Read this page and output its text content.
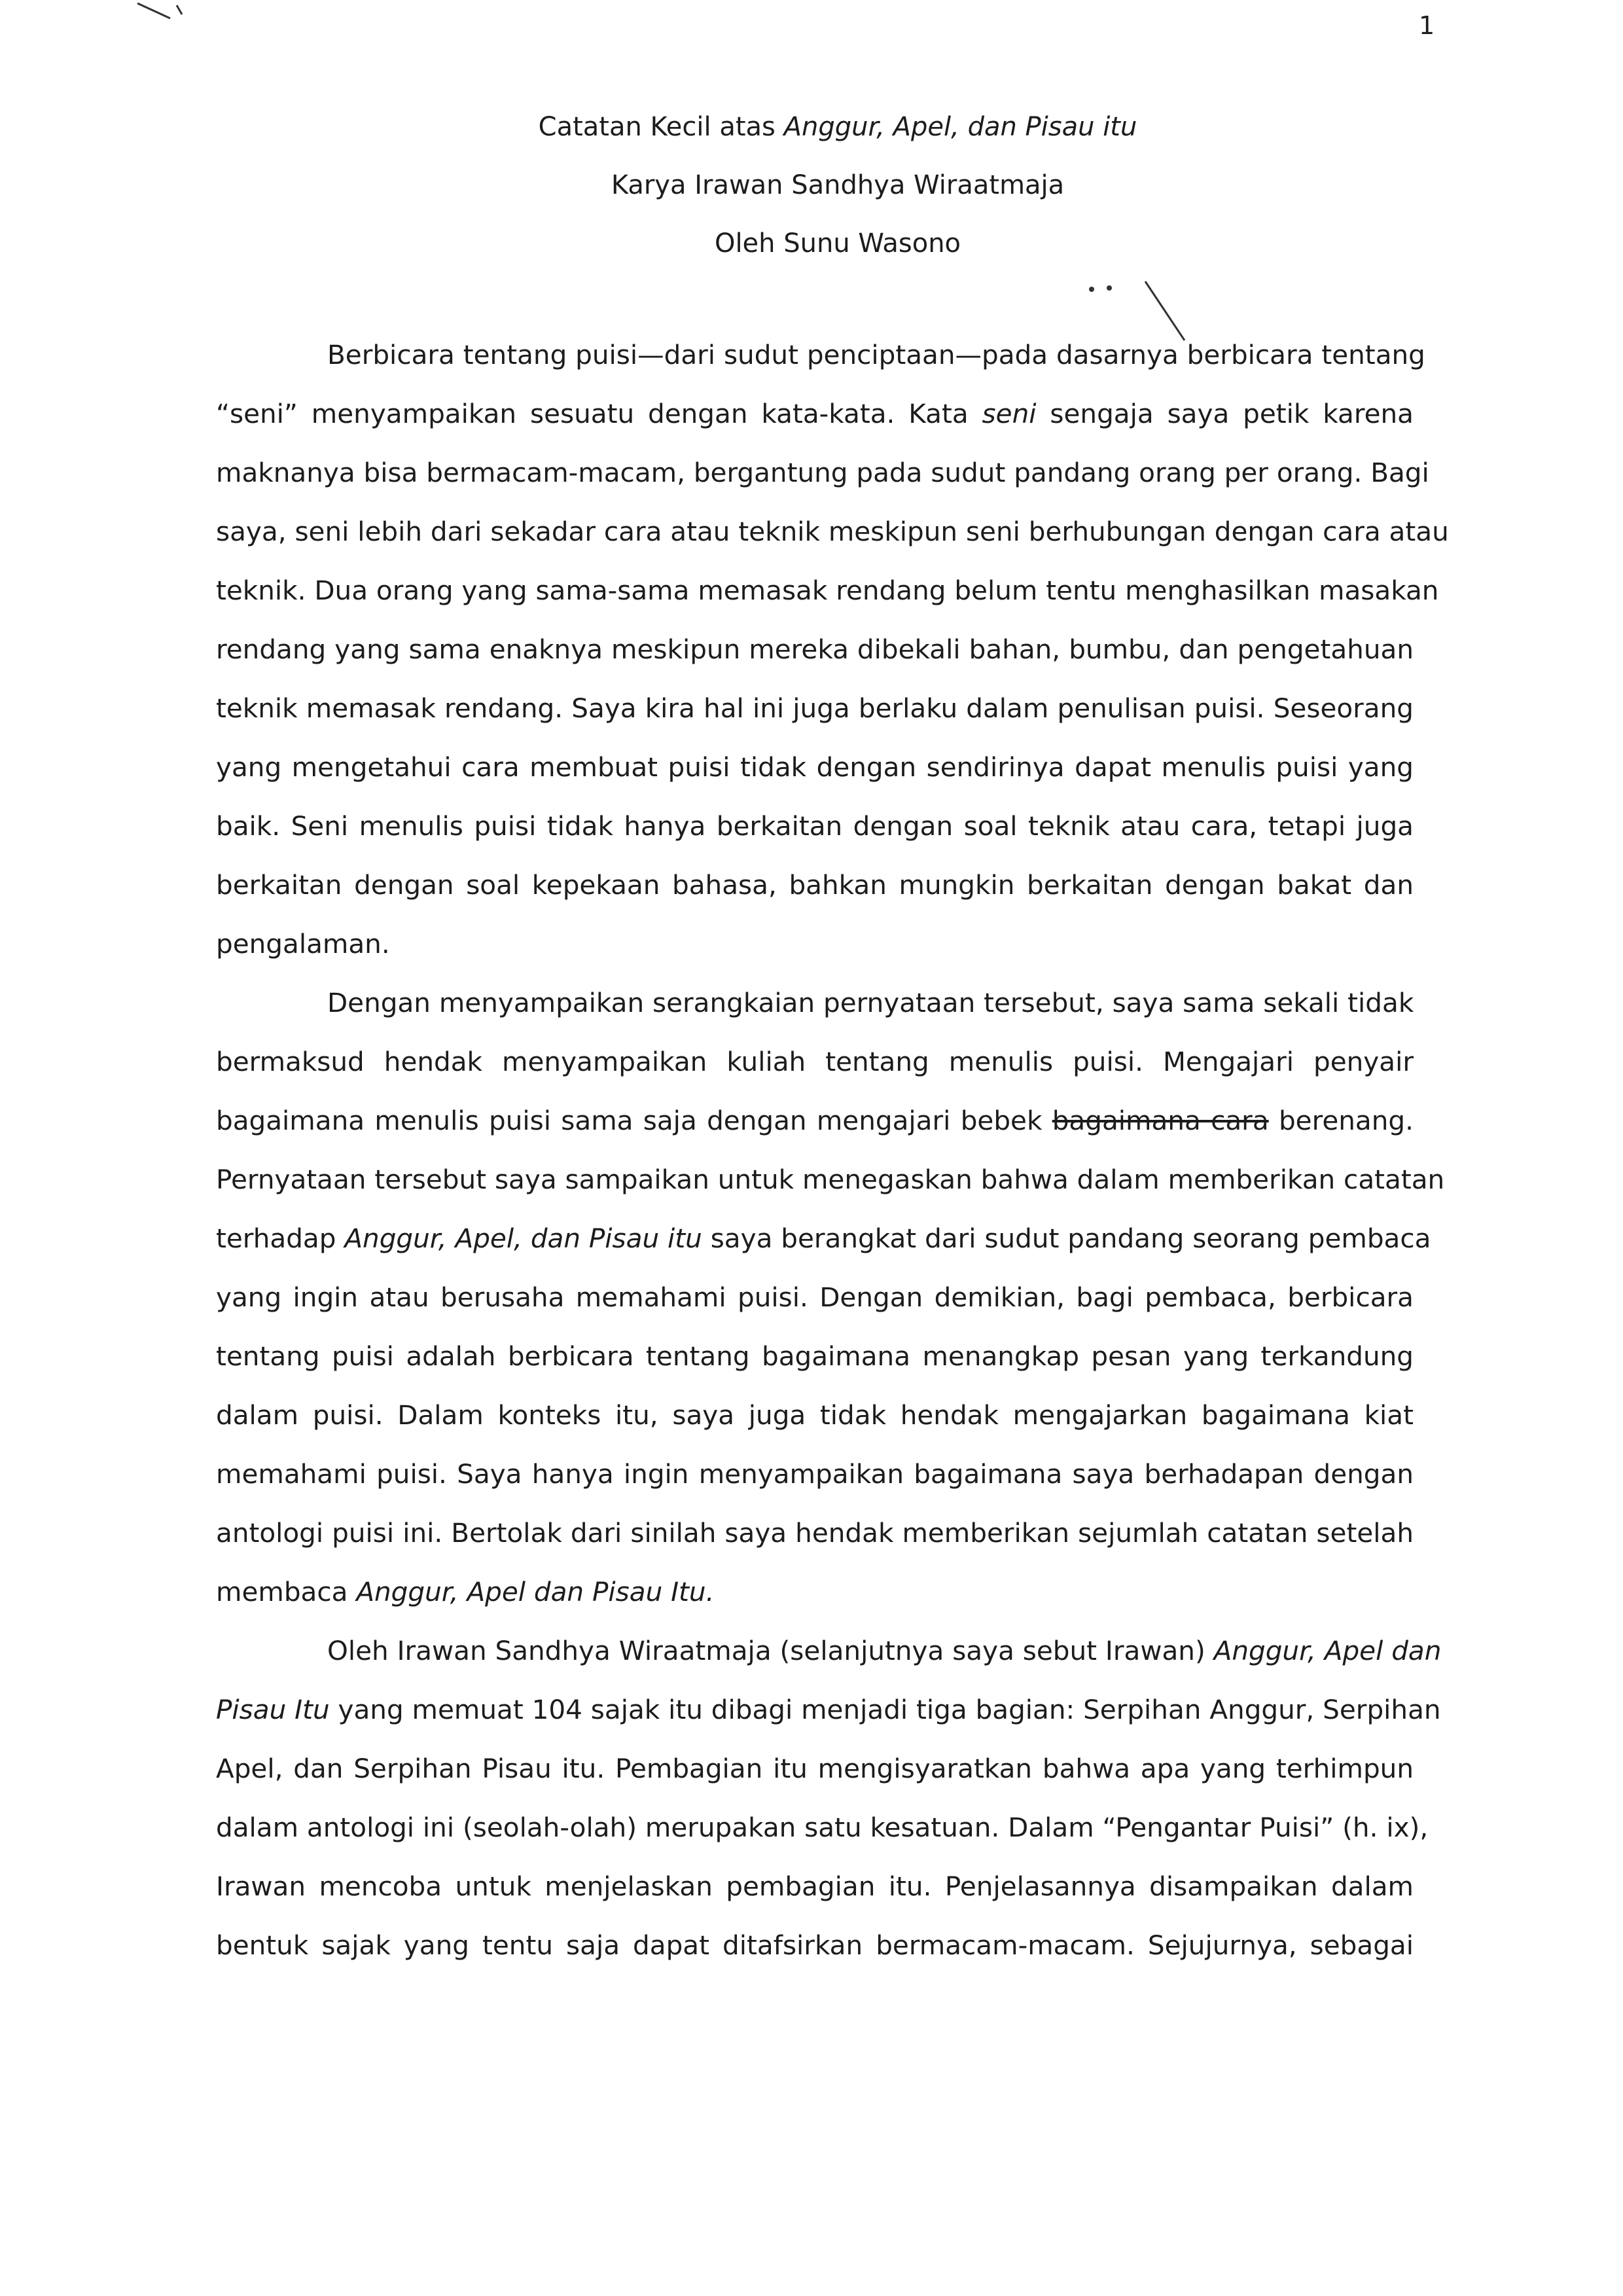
1

Catatan Kecil atas Anggur, Apel, dan Pisau itu

Karya Irawan Sandhya Wiraatmaja

Oleh Sunu Wasono

Berbicara tentang puisi—dari sudut penciptaan—pada dasarnya berbicara tentang
“seni” menyampaikan sesuatu dengan kata-kata. Kata seni sengaja saya petik karena
maknanya bisa bermacam-macam, bergantung pada sudut pandang orang per orang. Bagi
saya, seni lebih dari sekadar cara atau teknik meskipun seni berhubungan dengan cara atau
teknik. Dua orang yang sama-sama memasak rendang belum tentu menghasilkan masakan
rendang yang sama enaknya meskipun mereka dibekali bahan, bumbu, dan pengetahuan
teknik memasak rendang. Saya kira hal ini juga berlaku dalam penulisan puisi. Seseorang
yang mengetahui cara membuat puisi tidak dengan sendirinya dapat menulis puisi yang
baik. Seni menulis puisi tidak hanya berkaitan dengan soal teknik atau cara, tetapi juga
berkaitan dengan soal kepekaan bahasa, bahkan mungkin berkaitan dengan bakat dan
pengalaman.
Dengan menyampaikan serangkaian pernyataan tersebut, saya sama sekali tidak
bermaksud hendak menyampaikan kuliah tentang menulis puisi. Mengajari penyair
bagaimana menulis puisi sama saja dengan mengajari bebek bagaimana cara berenang.
Pernyataan tersebut saya sampaikan untuk menegaskan bahwa dalam memberikan catatan
terhadap Anggur, Apel, dan Pisau itu saya berangkat dari sudut pandang seorang pembaca
yang ingin atau berusaha memahami puisi. Dengan demikian, bagi pembaca, berbicara
tentang puisi adalah berbicara tentang bagaimana menangkap pesan yang terkandung
dalam puisi. Dalam konteks itu, saya juga tidak hendak mengajarkan bagaimana kiat
memahami puisi. Saya hanya ingin menyampaikan bagaimana saya berhadapan dengan
antologi puisi ini. Bertolak dari sinilah saya hendak memberikan sejumlah catatan setelah
membaca Anggur, Apel dan Pisau Itu.
Oleh Irawan Sandhya Wiraatmaja (selanjutnya saya sebut Irawan) Anggur, Apel dan
Pisau Itu yang memuat 104 sajak itu dibagi menjadi tiga bagian: Serpihan Anggur, Serpihan
Apel, dan Serpihan Pisau itu. Pembagian itu mengisyaratkan bahwa apa yang terhimpun
dalam antologi ini (seolah-olah) merupakan satu kesatuan. Dalam “Pengantar Puisi” (h. ix),
Irawan mencoba untuk menjelaskan pembagian itu. Penjelasannya disampaikan dalam
bentuk sajak yang tentu saja dapat ditafsirkan bermacam-macam. Sejujurnya, sebagai
